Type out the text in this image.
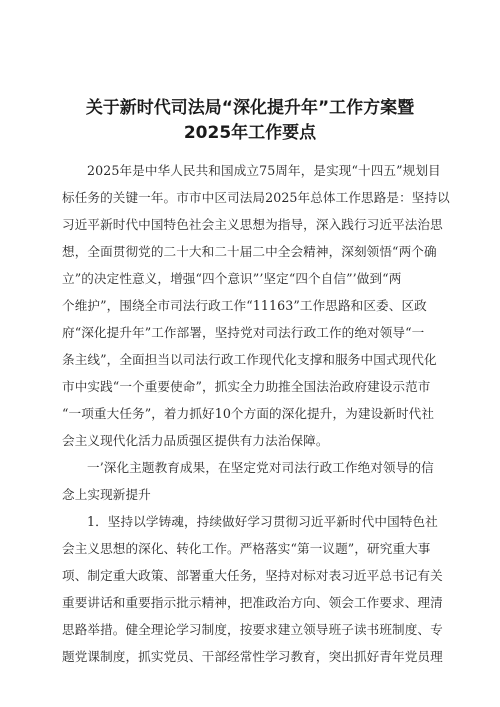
关于新时代司法局“深化提升年”工作方案暨
2025年工作要点
2025年是中华人民共和国成立75周年，是实现“十四五”规划目
标任务的关键一年。市市中区司法局2025年总体工作思路是：坚持以
习近平新时代中国特色社会主义思想为指导，深入践行习近平法治思
想，全面贯彻党的二十大和二十届二中全会精神，深刻领悟“两个确
立”的决定性意义，增强“四个意识”’坚定“四个自信”’做到“两
个维护”，围绕全市司法行政工作“11163”工作思路和区委、区政
府“深化提升年”工作部署，坚持党对司法行政工作的绝对领导“一
条主线”，全面担当以司法行政工作现代化支撑和服务中国式现代化
市中实践“一个重要使命”，抓实全力助推全国法治政府建设示范市
“一项重大任务”，着力抓好10个方面的深化提升，为建设新时代社
会主义现代化活力品质强区提供有力法治保障。
一’深化主题教育成果，在坚定党对司法行政工作绝对领导的信
念上实现新提升
1．坚持以学铸魂，持续做好学习贯彻习近平新时代中国特色社
会主义思想的深化、转化工作。严格落实“第一议题”，研究重大事
项、制定重大政策、部署重大任务，坚持对标对表习近平总书记有关
重要讲话和重要指示批示精神，把准政治方向、领会工作要求、理清
思路举措。健全理论学习制度，按要求建立领导班子读书班制度、专
题党课制度，抓实党员、干部经常性学习教育，突出抓好青年党员理
